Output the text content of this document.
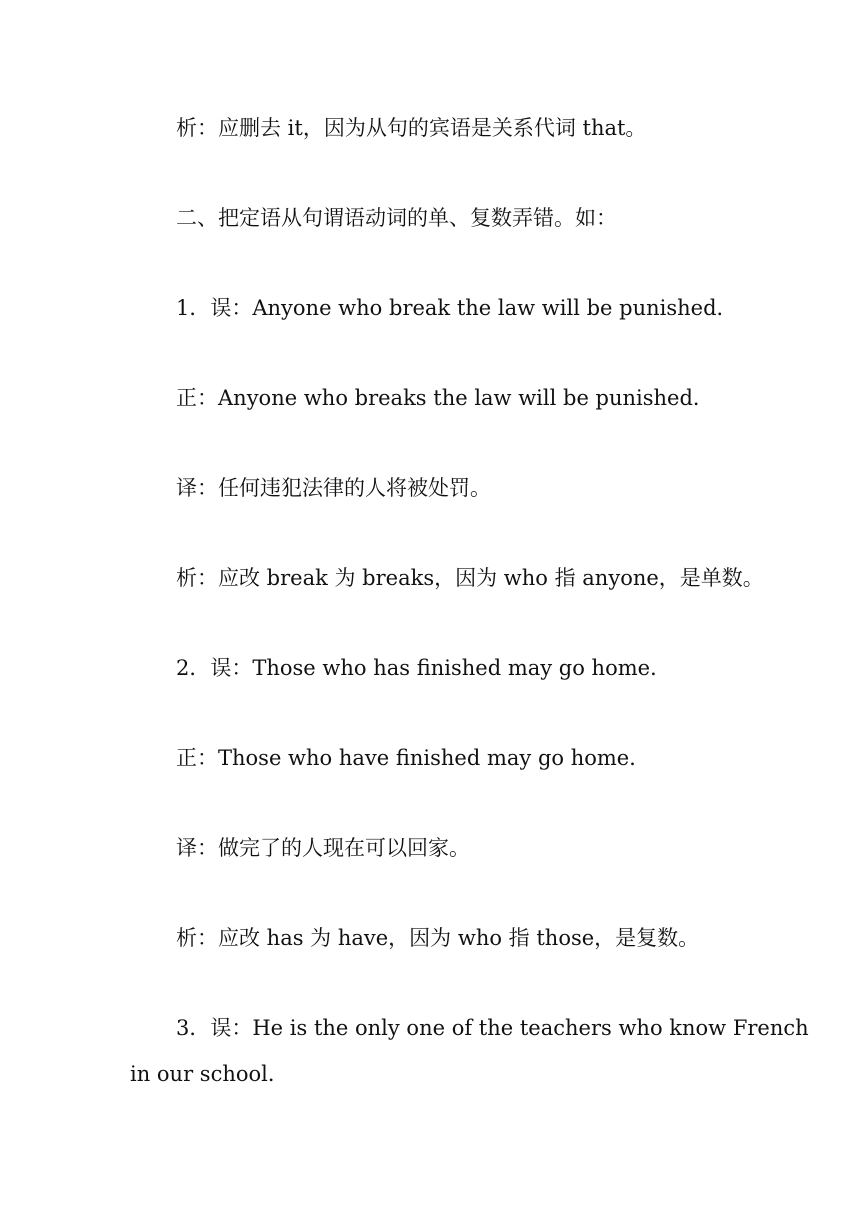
析：应删去 it，因为从句的宾语是关系代词 that。
二、把定语从句谓语动词的单、复数弄错。如：
1．误：Anyone who break the law will be punished．
正：Anyone who breaks the law will be punished．
译：任何违犯法律的人将被处罚。
析：应改 break 为 breaks，因为 who 指 anyone，是单数。
2．误：Those who has finished may go home．
正：Those who have finished may go home．
译：做完了的人现在可以回家。
析：应改 has 为 have，因为 who 指 those，是复数。
3．误：He is the only one of the teachers who know French
in our school．
